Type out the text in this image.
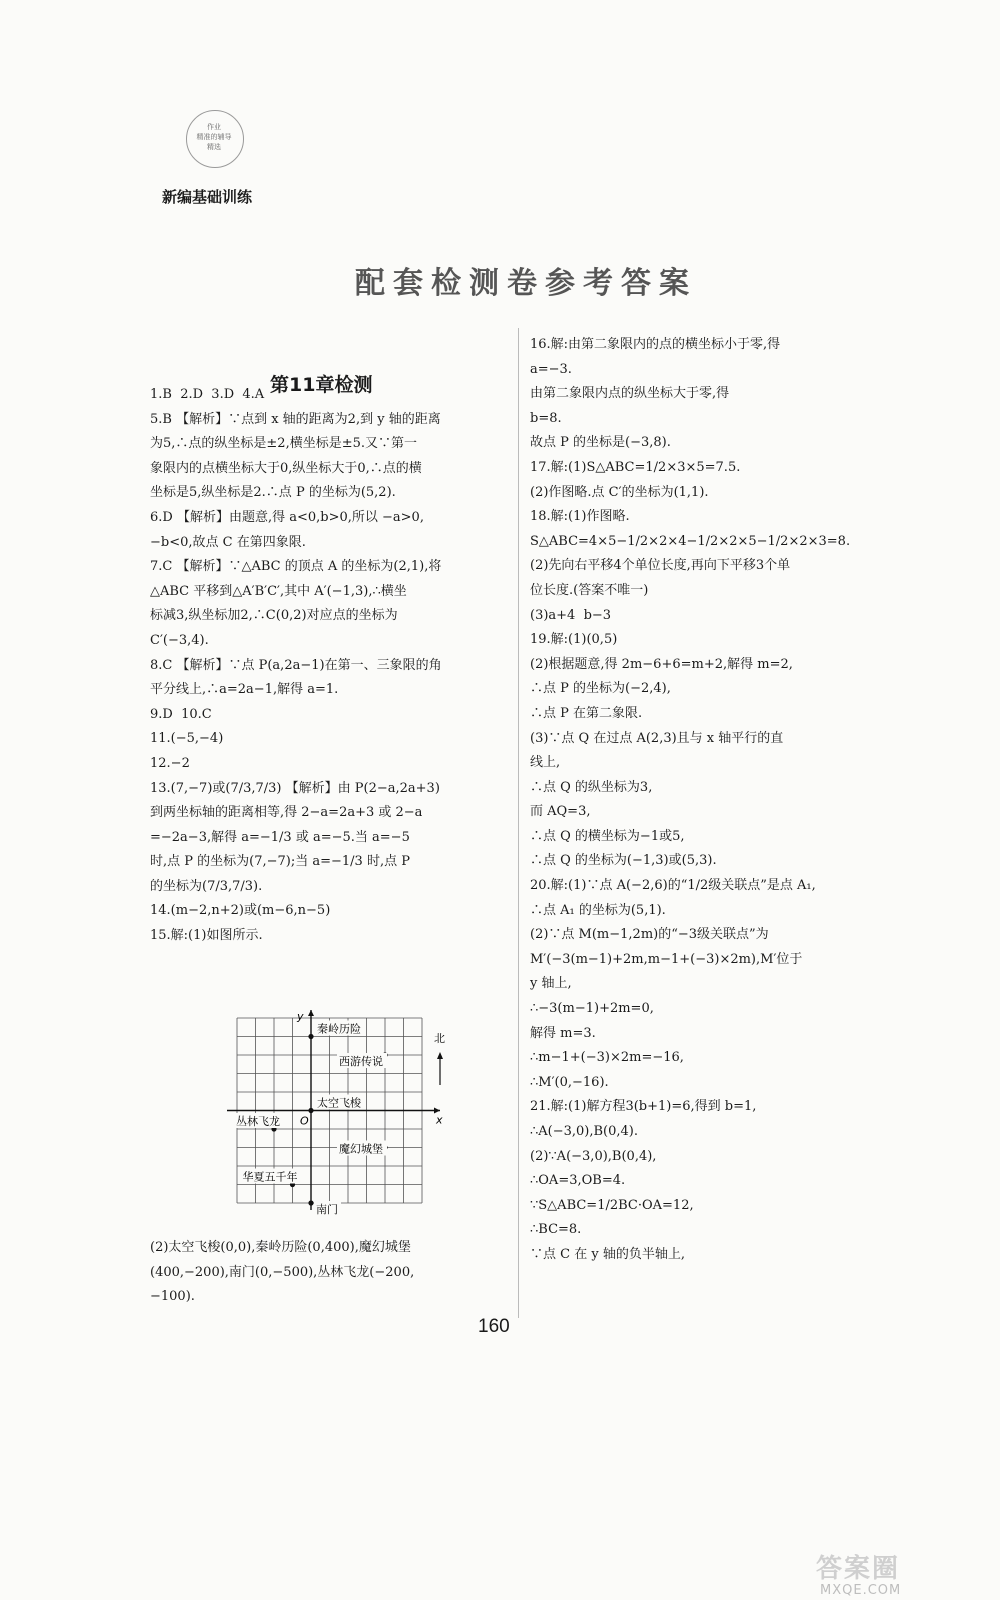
作业
精准的辅导
精选
新编基础训练
配套检测卷参考答案
第11章检测

1.B  2.D  3.D  4.A

5.B 【解析】∵点到 x 轴的距离为2,到 y 轴的距离

为5,∴点的纵坐标是±2,横坐标是±5.又∵第一

象限内的点横坐标大于0,纵坐标大于0,∴点的横

坐标是5,纵坐标是2.∴点 P 的坐标为(5,2).

6.D 【解析】由题意,得 a<0,b>0,所以 −a>0,

−b<0,故点 C 在第四象限.

7.C 【解析】∵△ABC 的顶点 A 的坐标为(2,1),将

△ABC 平移到△A′B′C′,其中 A′(−1,3),∴横坐

标减3,纵坐标加2,∴C(0,2)对应点的坐标为

C′(−3,4).

8.C 【解析】∵点 P(a,2a−1)在第一、三象限的角

平分线上,∴a=2a−1,解得 a=1.

9.D  10.C

11.(−5,−4)

12.−2

13.(7,−7)或(7/3,7/3) 【解析】由 P(2−a,2a+3)

到两坐标轴的距离相等,得 2−a=2a+3 或 2−a

=−2a−3,解得 a=−1/3 或 a=−5.当 a=−5

时,点 P 的坐标为(7,−7);当 a=−1/3 时,点 P

的坐标为(7/3,7/3).

14.(m−2,n+2)或(m−6,n−5)

15.解:(1)如图所示.

x
y
O
北
秦岭历险
西游传说
太空飞梭
丛林飞龙
魔幻城堡
华夏五千年
南门

(2)太空飞梭(0,0),秦岭历险(0,400),魔幻城堡

(400,−200),南门(0,−500),丛林飞龙(−200,

−100).

16.解:由第二象限内的点的横坐标小于零,得

a=−3.

由第二象限内点的纵坐标大于零,得

b=8.

故点 P 的坐标是(−3,8).

17.解:(1)S△ABC=1/2×3×5=7.5.

(2)作图略.点 C′的坐标为(1,1).

18.解:(1)作图略.

S△ABC=4×5−1/2×2×4−1/2×2×5−1/2×2×3=8.

(2)先向右平移4个单位长度,再向下平移3个单

位长度.(答案不唯一)

(3)a+4  b−3

19.解:(1)(0,5)

(2)根据题意,得 2m−6+6=m+2,解得 m=2,

∴点 P 的坐标为(−2,4),

∴点 P 在第二象限.

(3)∵点 Q 在过点 A(2,3)且与 x 轴平行的直

线上,

∴点 Q 的纵坐标为3,

而 AQ=3,

∴点 Q 的横坐标为−1或5,

∴点 Q 的坐标为(−1,3)或(5,3).

20.解:(1)∵点 A(−2,6)的“1/2级关联点”是点 A₁,

∴点 A₁ 的坐标为(5,1).

(2)∵点 M(m−1,2m)的“−3级关联点”为

M′(−3(m−1)+2m,m−1+(−3)×2m),M′位于

y 轴上,

∴−3(m−1)+2m=0,

解得 m=3.

∴m−1+(−3)×2m=−16,

∴M′(0,−16).

21.解:(1)解方程3(b+1)=6,得到 b=1,

∴A(−3,0),B(0,4).

(2)∵A(−3,0),B(0,4),

∴OA=3,OB=4.

∵S△ABC=1/2BC·OA=12,

∴BC=8.

∵点 C 在 y 轴的负半轴上,

160
答案圈
MXQE.COM
